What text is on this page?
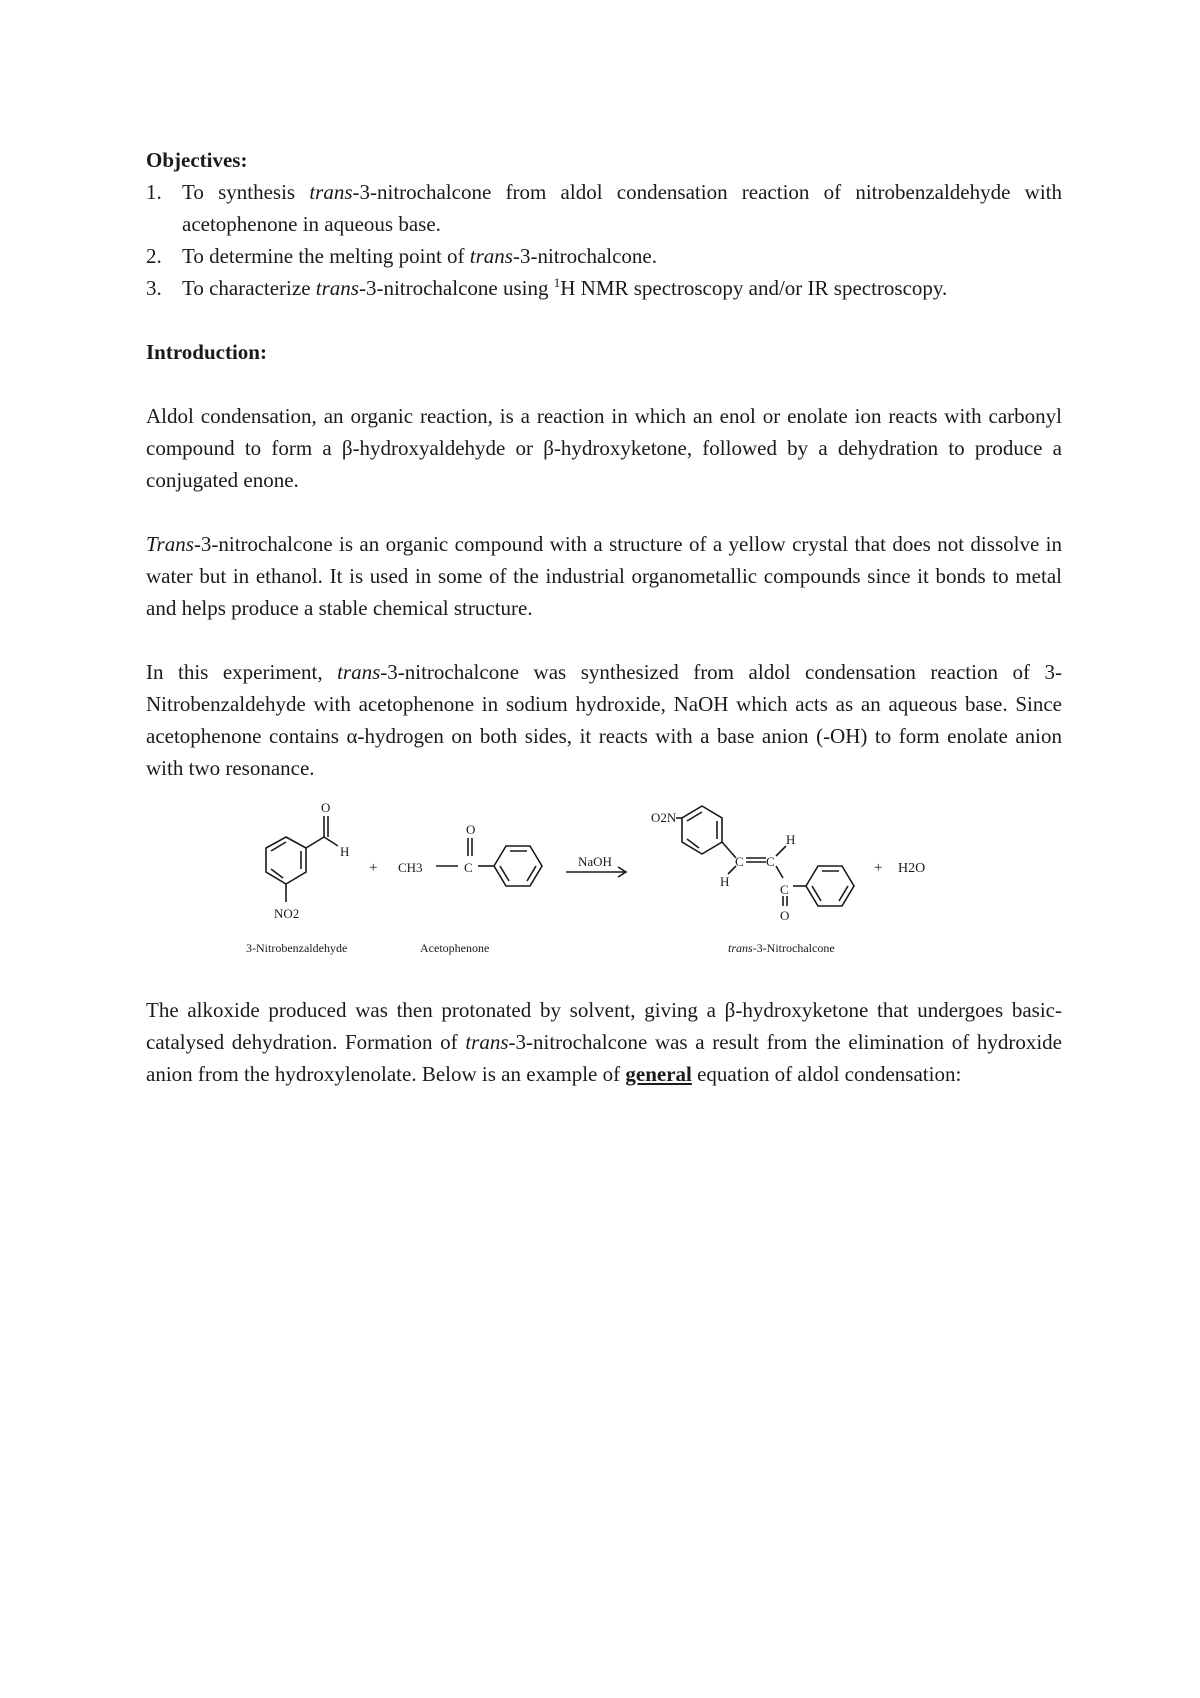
Objectives:
1. To synthesis trans-3-nitrochalcone from aldol condensation reaction of nitrobenzaldehyde with acetophenone in aqueous base.
2. To determine the melting point of trans-3-nitrochalcone.
3. To characterize trans-3-nitrochalcone using $^1$H NMR spectroscopy and/or IR spectroscopy.
Introduction:

Aldol condensation, an organic reaction, is a reaction in which an enol or enolate ion reacts with carbonyl compound to form a β-hydroxyaldehyde or β-hydroxyketone, followed by a dehydration to produce a conjugated enone.

Trans-3-nitrochalcone is an organic compound with a structure of a yellow crystal that does not dissolve in water but in ethanol. It is used in some of the industrial organometallic compounds since it bonds to metal and helps produce a stable chemical structure.

In this experiment, trans-3-nitrochalcone was synthesized from aldol condensation reaction of 3-Nitrobenzaldehyde with acetophenone in sodium hydroxide, NaOH which acts as an aqueous base. Since acetophenone contains α-hydrogen on both sides, it reacts with a base anion (-OH) to form enolate anion with two resonance.

O
H
NO2
CH3	C
O
O2N
C C
H
H
C
O
+	NaOH	+ H2O
3-Nitrobenzaldehyde	Acetophenone	trans-3-Nitrochalcone

The alkoxide produced was then protonated by solvent, giving a β-hydroxyketone that undergoes basic-catalysed dehydration. Formation of trans-3-nitrochalcone was a result from the elimination of hydroxide anion from the hydroxylenolate. Below is an example of general equation of aldol condensation:
